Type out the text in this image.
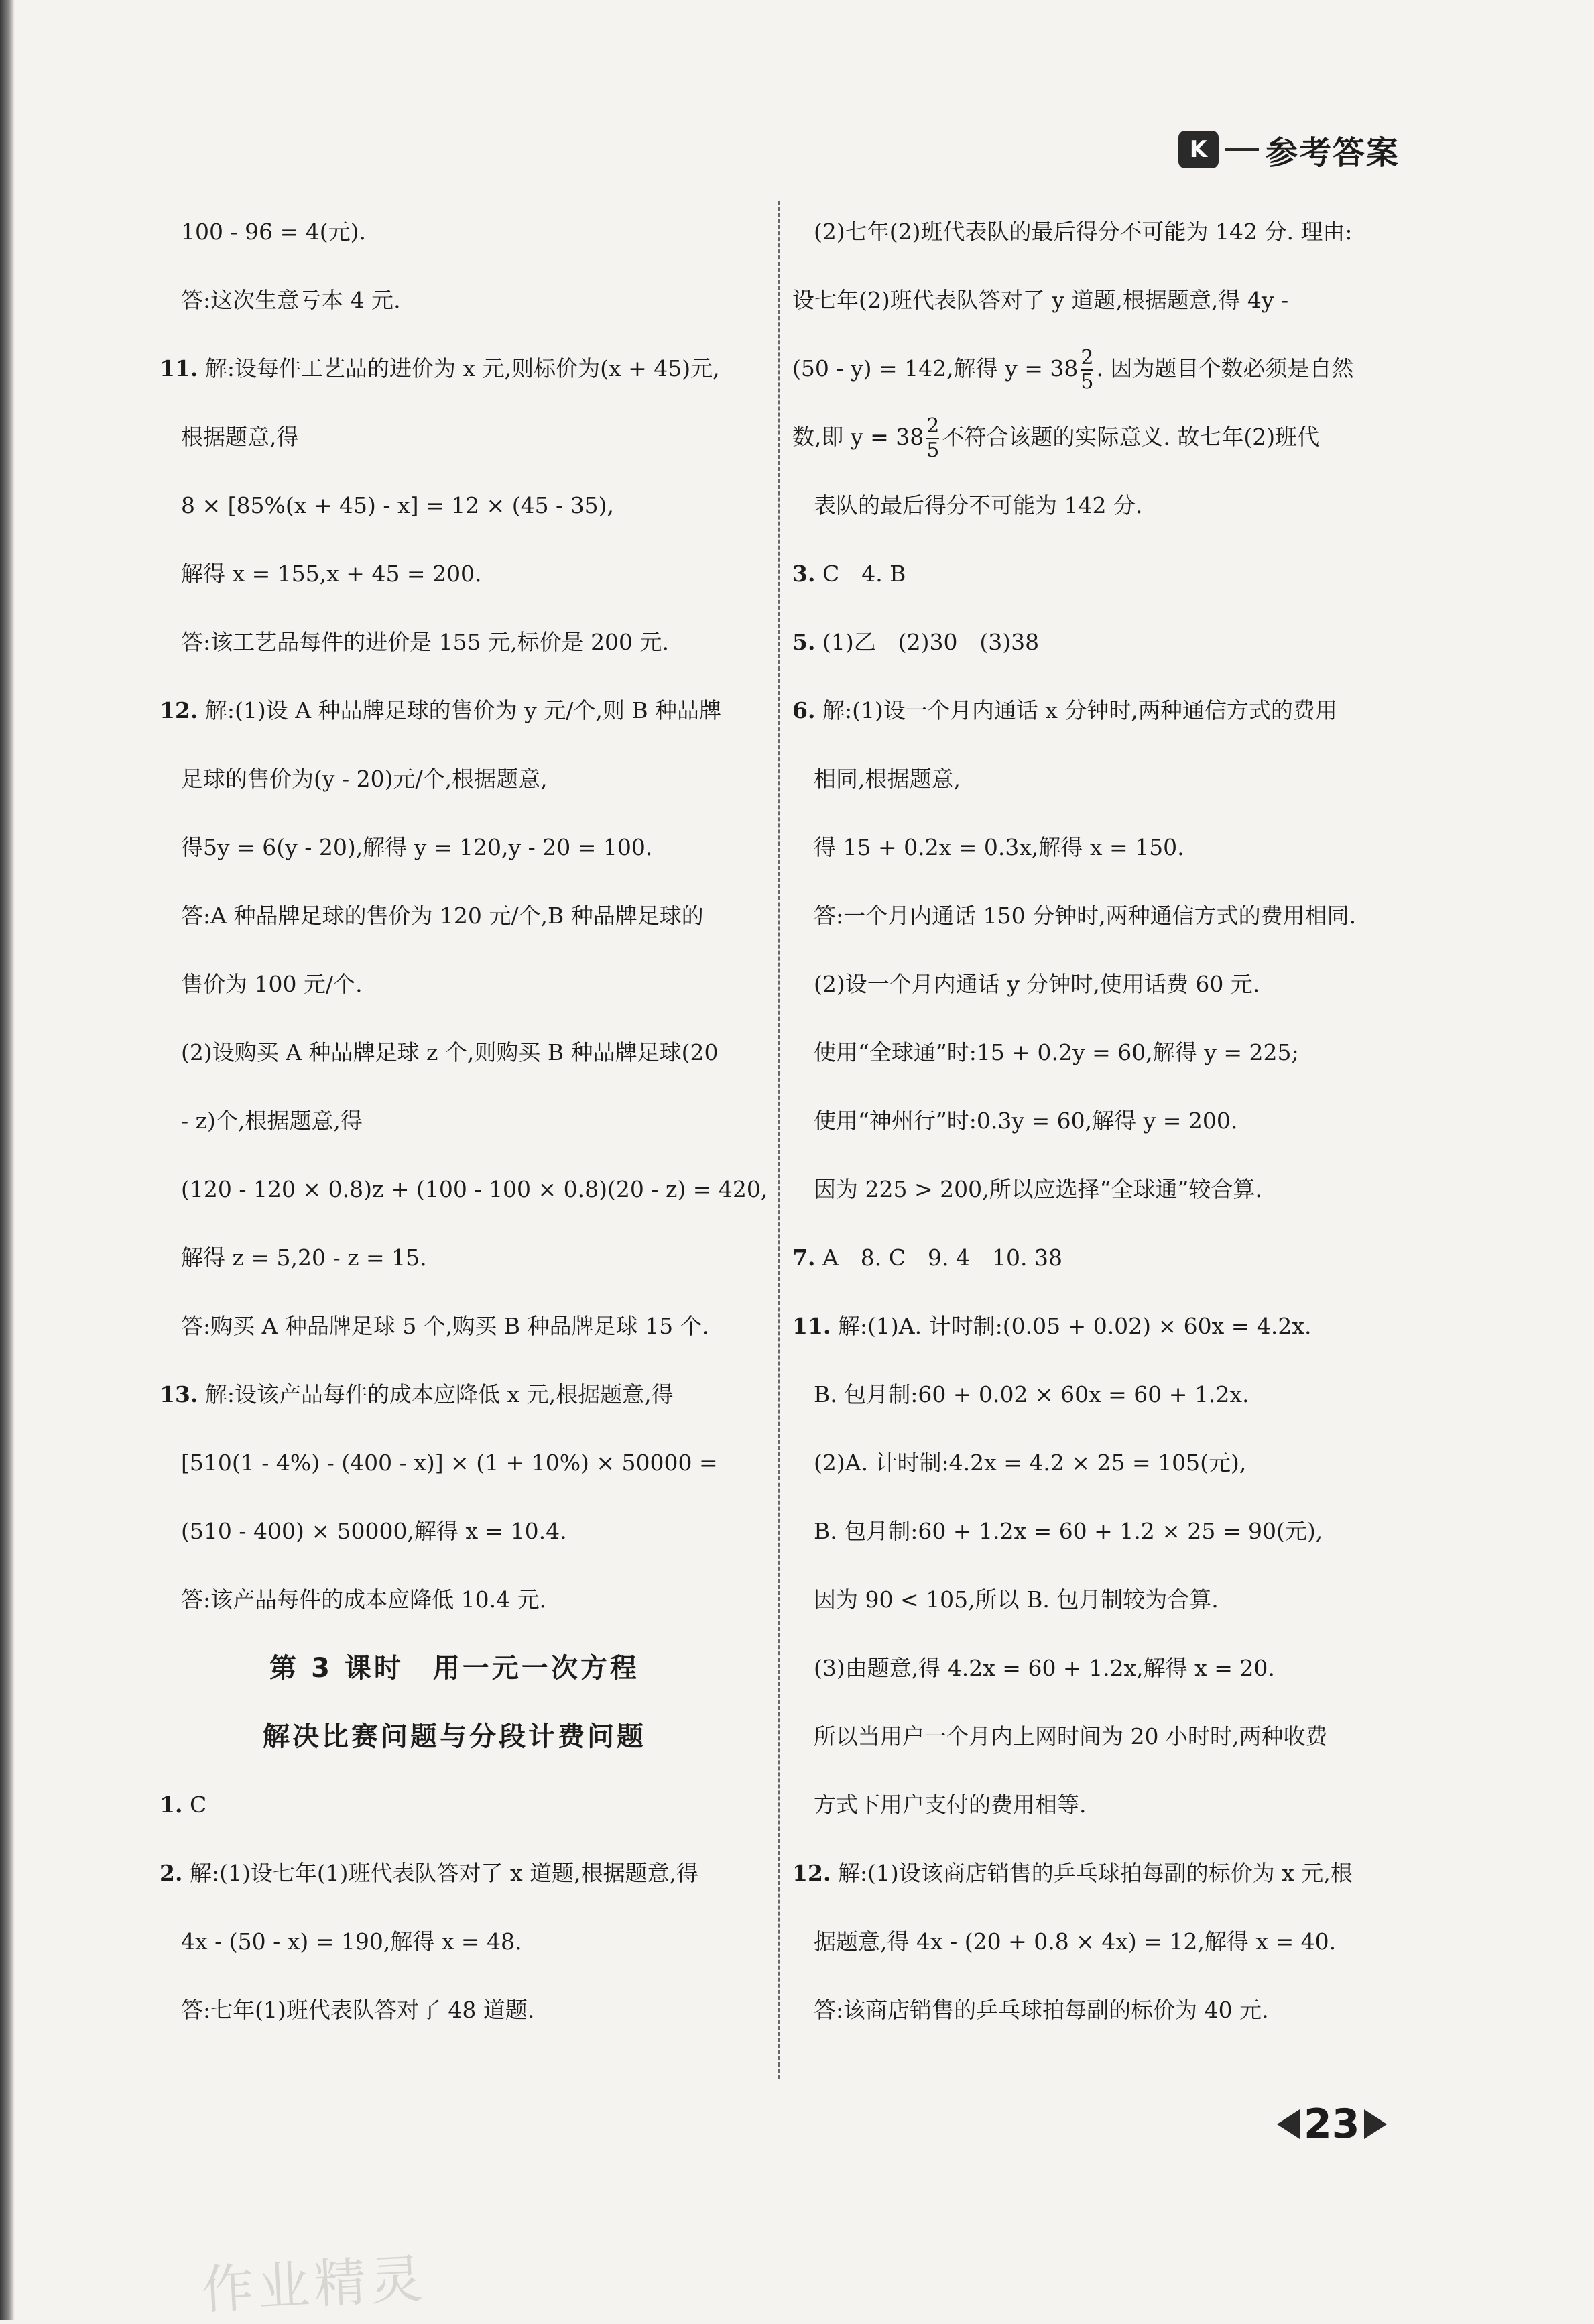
K	参考答案
100 - 96 = 4(元).
答:这次生意亏本 4 元.
11. 解:设每件工艺品的进价为 x 元,则标价为(x + 45)元,
根据题意,得
8 × [85%(x + 45) - x] = 12 × (45 - 35),
解得 x = 155,x + 45 = 200.
答:该工艺品每件的进价是 155 元,标价是 200 元.
12. 解:(1)设 A 种品牌足球的售价为 y 元/个,则 B 种品牌
足球的售价为(y - 20)元/个,根据题意,
得5y = 6(y - 20),解得 y = 120,y - 20 = 100.
答:A 种品牌足球的售价为 120 元/个,B 种品牌足球的
售价为 100 元/个.
(2)设购买 A 种品牌足球 z 个,则购买 B 种品牌足球(20
- z)个,根据题意,得
(120 - 120 × 0.8)z + (100 - 100 × 0.8)(20 - z) = 420,
解得 z = 5,20 - z = 15.
答:购买 A 种品牌足球 5 个,购买 B 种品牌足球 15 个.
13. 解:设该产品每件的成本应降低 x 元,根据题意,得
[510(1 - 4%) - (400 - x)] × (1 + 10%) × 50000 =
(510 - 400) × 50000,解得 x = 10.4.
答:该产品每件的成本应降低 10.4 元.
第 3 课时　用一元一次方程
解决比赛问题与分段计费问题
1. C
2. 解:(1)设七年(1)班代表队答对了 x 道题,根据题意,得
4x - (50 - x) = 190,解得 x = 48.
答:七年(1)班代表队答对了 48 道题.
(2)七年(2)班代表队的最后得分不可能为 142 分. 理由:
设七年(2)班代表队答对了 y 道题,根据题意,得 4y -
(50 - y) = 142,解得 $y = 38 \frac{2}{5}$ . 因为题目个数必须是自然
数,即 $y = 38 \frac{2}{5}$ 不符合该题的实际意义. 故七年(2)班代
表队的最后得分不可能为 142 分.
3. C　4. B
5. (1)乙　(2)30　(3)38
6. 解:(1)设一个月内通话 x 分钟时,两种通信方式的费用
相同,根据题意,
得 15 + 0.2x = 0.3x,解得 x = 150.
答:一个月内通话 150 分钟时,两种通信方式的费用相同.
(2)设一个月内通话 y 分钟时,使用话费 60 元.
使用“全球通”时:15 + 0.2y = 60,解得 y = 225;
使用“神州行”时:0.3y = 60,解得 y = 200.
因为 225 > 200,所以应选择“全球通”较合算.
7. A　8. C　9. 4　10. 38
11. 解:(1)A. 计时制:(0.05 + 0.02) × 60x = 4.2x.
B. 包月制:60 + 0.02 × 60x = 60 + 1.2x.
(2)A. 计时制:4.2x = 4.2 × 25 = 105(元),
B. 包月制:60 + 1.2x = 60 + 1.2 × 25 = 90(元),
因为 90 < 105,所以 B. 包月制较为合算.
(3)由题意,得 4.2x = 60 + 1.2x,解得 x = 20.
所以当用户一个月内上网时间为 20 小时时,两种收费
方式下用户支付的费用相等.
12. 解:(1)设该商店销售的乒乓球拍每副的标价为 x 元,根
据题意,得 4x - (20 + 0.8 × 4x) = 12,解得 x = 40.
答:该商店销售的乒乓球拍每副的标价为 40 元.
23
作业精灵
